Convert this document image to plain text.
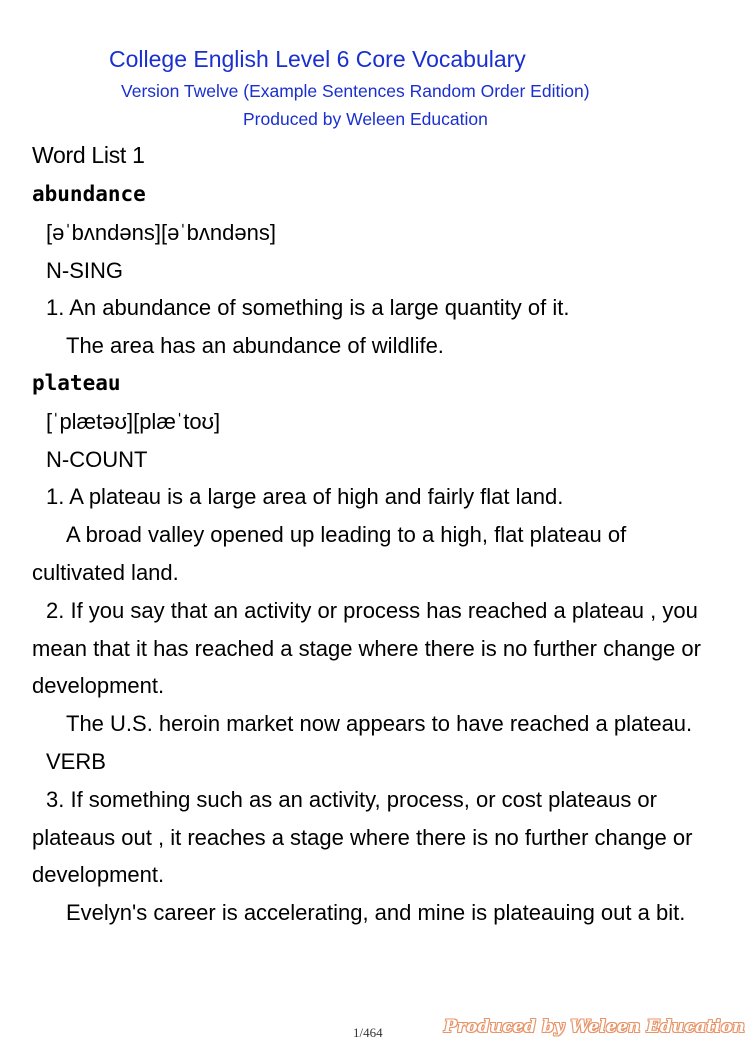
College English Level 6 Core Vocabulary
Version Twelve (Example Sentences Random Order Edition)
Produced by Weleen Education
Word List 1

abundance

[əˈbʌndəns][əˈbʌndəns]

N-SING

1. An abundance of something is a large quantity of it.

The area has an abundance of wildlife.

plateau

[ˈplætəʊ][plæˈtoʊ]

N-COUNT

1. A plateau is a large area of high and fairly flat land.

A broad valley opened up leading to a high, flat plateau of cultivated land.

2. If you say that an activity or process has reached a plateau , you mean that it has reached a stage where there is no further change or development.

The U.S. heroin market now appears to have reached a plateau.

VERB

3. If something such as an activity, process, or cost plateaus or plateaus out , it reaches a stage where there is no further change or development.

Evelyn's career is accelerating, and mine is plateauing out a bit.

1/464	Produced by Weleen Education
